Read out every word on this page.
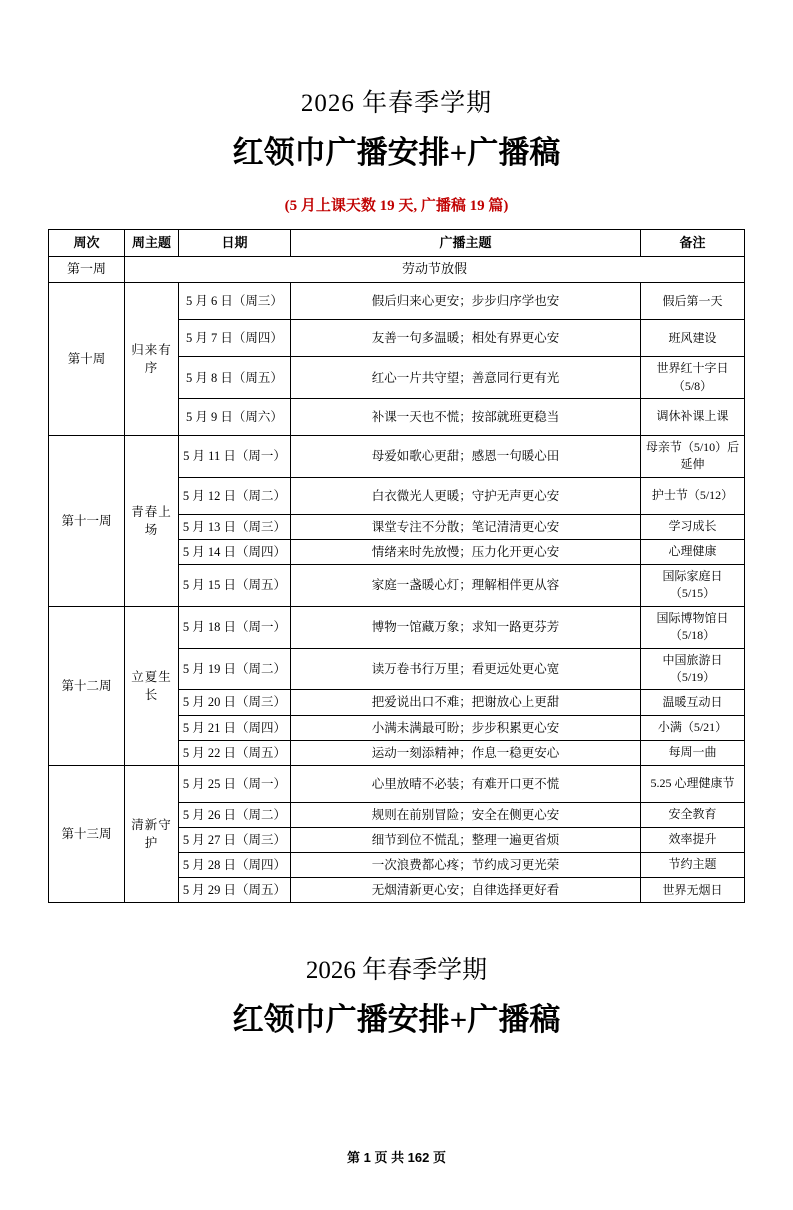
2026 年春季学期
红领巾广播安排+广播稿
(5 月上课天数 19 天, 广播稿 19 篇)
周次	周主题	日期	广播主题	备注
第一周	劳动节放假			
第十周	归来有序	5 月 6 日（周三）	假后归来心更安；步步归序学也安	假后第一天
		5 月 7 日（周四）	友善一句多温暖；相处有界更心安	班风建设
		5 月 8 日（周五）	红心一片共守望；善意同行更有光	世界红十字日（5/8）
		5 月 9 日（周六）	补课一天也不慌；按部就班更稳当	调休补课上课
第十一周	青春上场	5 月 11 日（周一）	母爱如歌心更甜；感恩一句暖心田	母亲节（5/10）后延伸
		5 月 12 日（周二）	白衣微光人更暖；守护无声更心安	护士节（5/12）
		5 月 13 日（周三）	课堂专注不分散；笔记清清更心安	学习成长
		5 月 14 日（周四）	情绪来时先放慢；压力化开更心安	心理健康
		5 月 15 日（周五）	家庭一盏暖心灯；理解相伴更从容	国际家庭日（5/15）
第十二周	立夏生长	5 月 18 日（周一）	博物一馆藏万象；求知一路更芬芳	国际博物馆日（5/18）
		5 月 19 日（周二）	读万卷书行万里；看更远处更心宽	中国旅游日（5/19）
		5 月 20 日（周三）	把爱说出口不难；把谢放心上更甜	温暖互动日
		5 月 21 日（周四）	小满未满最可盼；步步积累更心安	小满（5/21）
		5 月 22 日（周五）	运动一刻添精神；作息一稳更安心	每周一曲
第十三周	清新守护	5 月 25 日（周一）	心里放晴不必装；有难开口更不慌	5.25 心理健康节
		5 月 26 日（周二）	规则在前别冒险；安全在侧更心安	安全教育
		5 月 27 日（周三）	细节到位不慌乱；整理一遍更省烦	效率提升
		5 月 28 日（周四）	一次浪费都心疼；节约成习更光荣	节约主题
		5 月 29 日（周五）	无烟清新更心安；自律选择更好看	世界无烟日
2026 年春季学期
红领巾广播安排+广播稿
第 1 页 共 162 页
